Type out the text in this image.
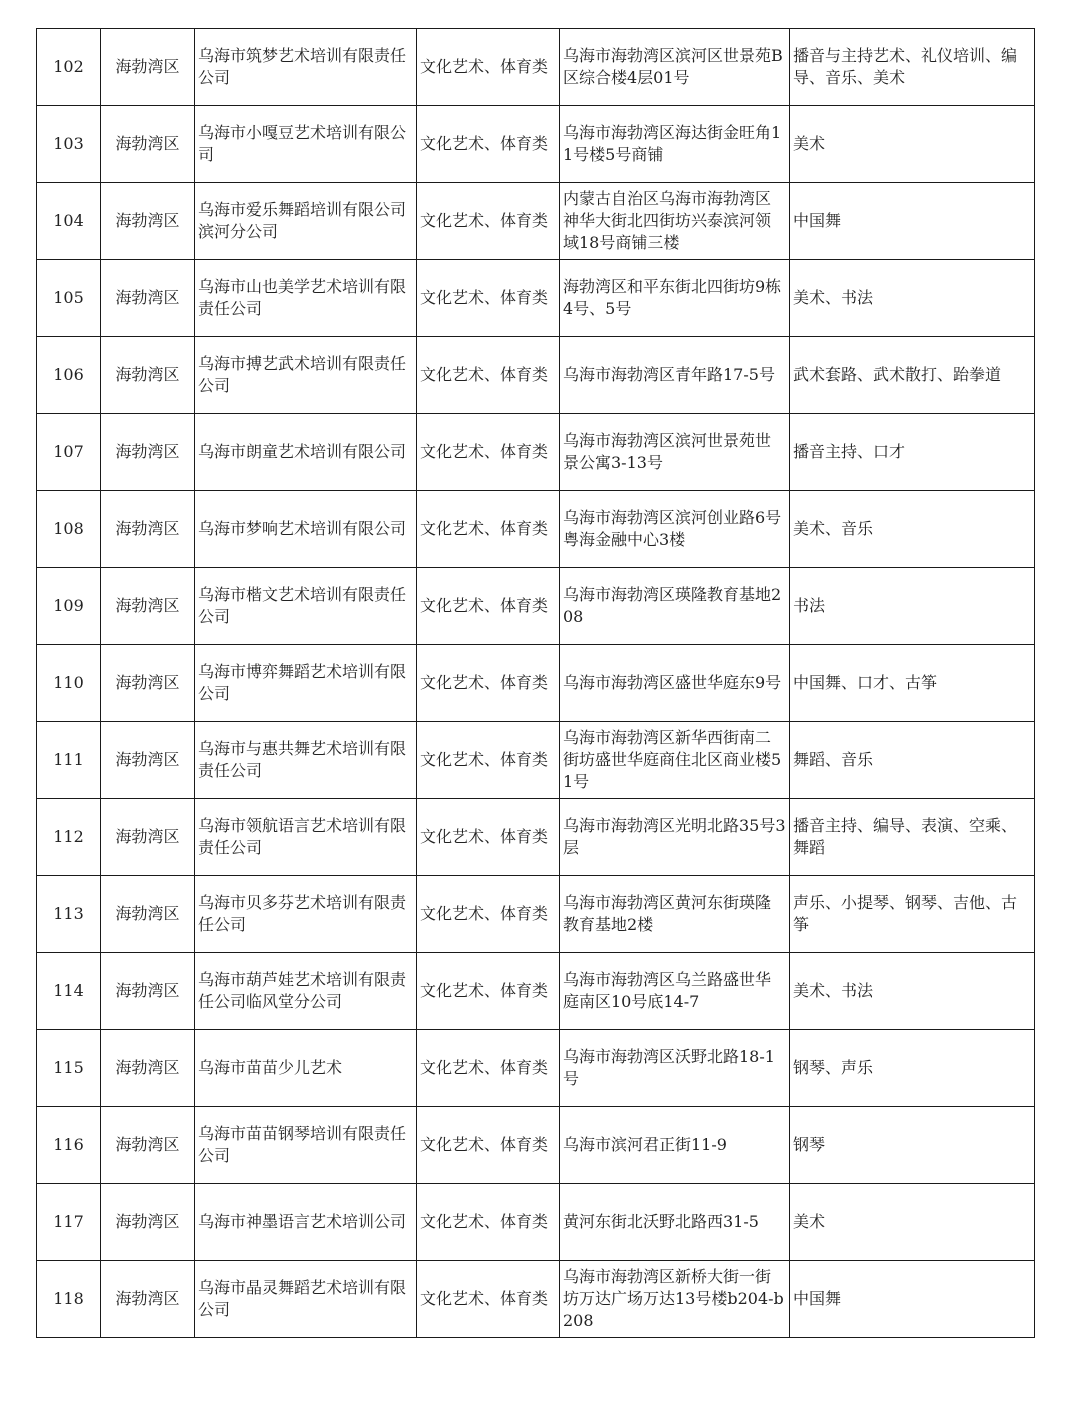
102	海勃湾区	乌海市筑梦艺术培训有限责任公司	文化艺术、体育类	乌海市海勃湾区滨河区世景苑B区综合楼4层01号	播音与主持艺术、礼仪培训、编导、音乐、美术
103	海勃湾区	乌海市小嘎豆艺术培训有限公司	文化艺术、体育类	乌海市海勃湾区海达街金旺角11号楼5号商铺	美术
104	海勃湾区	乌海市爱乐舞蹈培训有限公司滨河分公司	文化艺术、体育类	内蒙古自治区乌海市海勃湾区神华大街北四街坊兴泰滨河领域18号商铺三楼	中国舞
105	海勃湾区	乌海市山也美学艺术培训有限责任公司	文化艺术、体育类	海勃湾区和平东街北四街坊9栋4号、5号	美术、书法
106	海勃湾区	乌海市搏艺武术培训有限责任公司	文化艺术、体育类	乌海市海勃湾区青年路17-5号	武术套路、武术散打、跆拳道
107	海勃湾区	乌海市朗童艺术培训有限公司	文化艺术、体育类	乌海市海勃湾区滨河世景苑世景公寓3-13号	播音主持、口才
108	海勃湾区	乌海市梦响艺术培训有限公司	文化艺术、体育类	乌海市海勃湾区滨河创业路6号粤海金融中心3楼	美术、音乐
109	海勃湾区	乌海市楷文艺术培训有限责任公司	文化艺术、体育类	乌海市海勃湾区瑛隆教育基地208	书法
110	海勃湾区	乌海市博弈舞蹈艺术培训有限公司	文化艺术、体育类	乌海市海勃湾区盛世华庭东9号	中国舞、口才、古筝
111	海勃湾区	乌海市与惠共舞艺术培训有限责任公司	文化艺术、体育类	乌海市海勃湾区新华西街南二街坊盛世华庭商住北区商业楼51号	舞蹈、音乐
112	海勃湾区	乌海市领航语言艺术培训有限责任公司	文化艺术、体育类	乌海市海勃湾区光明北路35号3层	播音主持、编导、表演、空乘、舞蹈
113	海勃湾区	乌海市贝多芬艺术培训有限责任公司	文化艺术、体育类	乌海市海勃湾区黄河东街瑛隆教育基地2楼	声乐、小提琴、钢琴、吉他、古筝
114	海勃湾区	乌海市葫芦娃艺术培训有限责任公司临风堂分公司	文化艺术、体育类	乌海市海勃湾区乌兰路盛世华庭南区10号底14-7	美术、书法
115	海勃湾区	乌海市苗苗少儿艺术	文化艺术、体育类	乌海市海勃湾区沃野北路18-1号	钢琴、声乐
116	海勃湾区	乌海市苗苗钢琴培训有限责任公司	文化艺术、体育类	乌海市滨河君正街11-9	钢琴
117	海勃湾区	乌海市神墨语言艺术培训公司	文化艺术、体育类	黄河东街北沃野北路西31-5	美术
118	海勃湾区	乌海市晶灵舞蹈艺术培训有限公司	文化艺术、体育类	乌海市海勃湾区新桥大街一街坊万达广场万达13号楼b204-b208	中国舞
